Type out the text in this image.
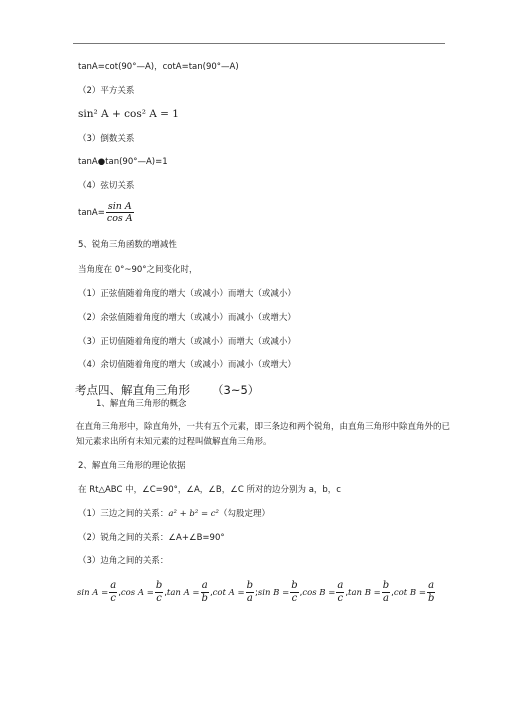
tanA=cot(90°—A)，cotA=tan(90°—A)
（2）平方关系
sin² A + cos² A = 1
（3）倒数关系
tanA●tan(90°—A)=1
（4）弦切关系
$\tan A= \frac{\text{sin A}}{\text{cos A}}$
5、锐角三角函数的增减性
当角度在 0°~90°之间变化时，
（1）正弦值随着角度的增大（或减小）而增大（或减小）
（2）余弦值随着角度的增大（或减小）而减小（或增大）
（3）正切值随着角度的增大（或减小）而增大（或减小）
（4）余切值随着角度的增大（或减小）而减小（或增大）
考点四、解直角三角形 （3~5）
1、解直角三角形的概念
在直角三角形中，除直角外，一共有五个元素，即三条边和两个锐角，由直角三角形中除直角外的已知元素求出所有未知元素的过程叫做解直角三角形。
2、解直角三角形的理论依据
在 Rt△ABC 中，∠C=90°，∠A，∠B，∠C 所对的边分别为 a，b，c
（1）三边之间的关系：a² + b² = c²（勾股定理）
（2）锐角之间的关系：∠A+∠B=90°
（3）边角之间的关系：
$\sin A = \frac{a}{c} ,\cos$ $A = \frac{b}{c} ,\tan$ $A = \frac{a}{b} ,\cot$ $A = \frac{b}{a}$ ;sin $B = \frac{b}{c} ,\cos$ $B = \frac{a}{c} ,\tan$ $B = \frac{b}{a} ,\cot$ $B = \frac{a}{b}$
